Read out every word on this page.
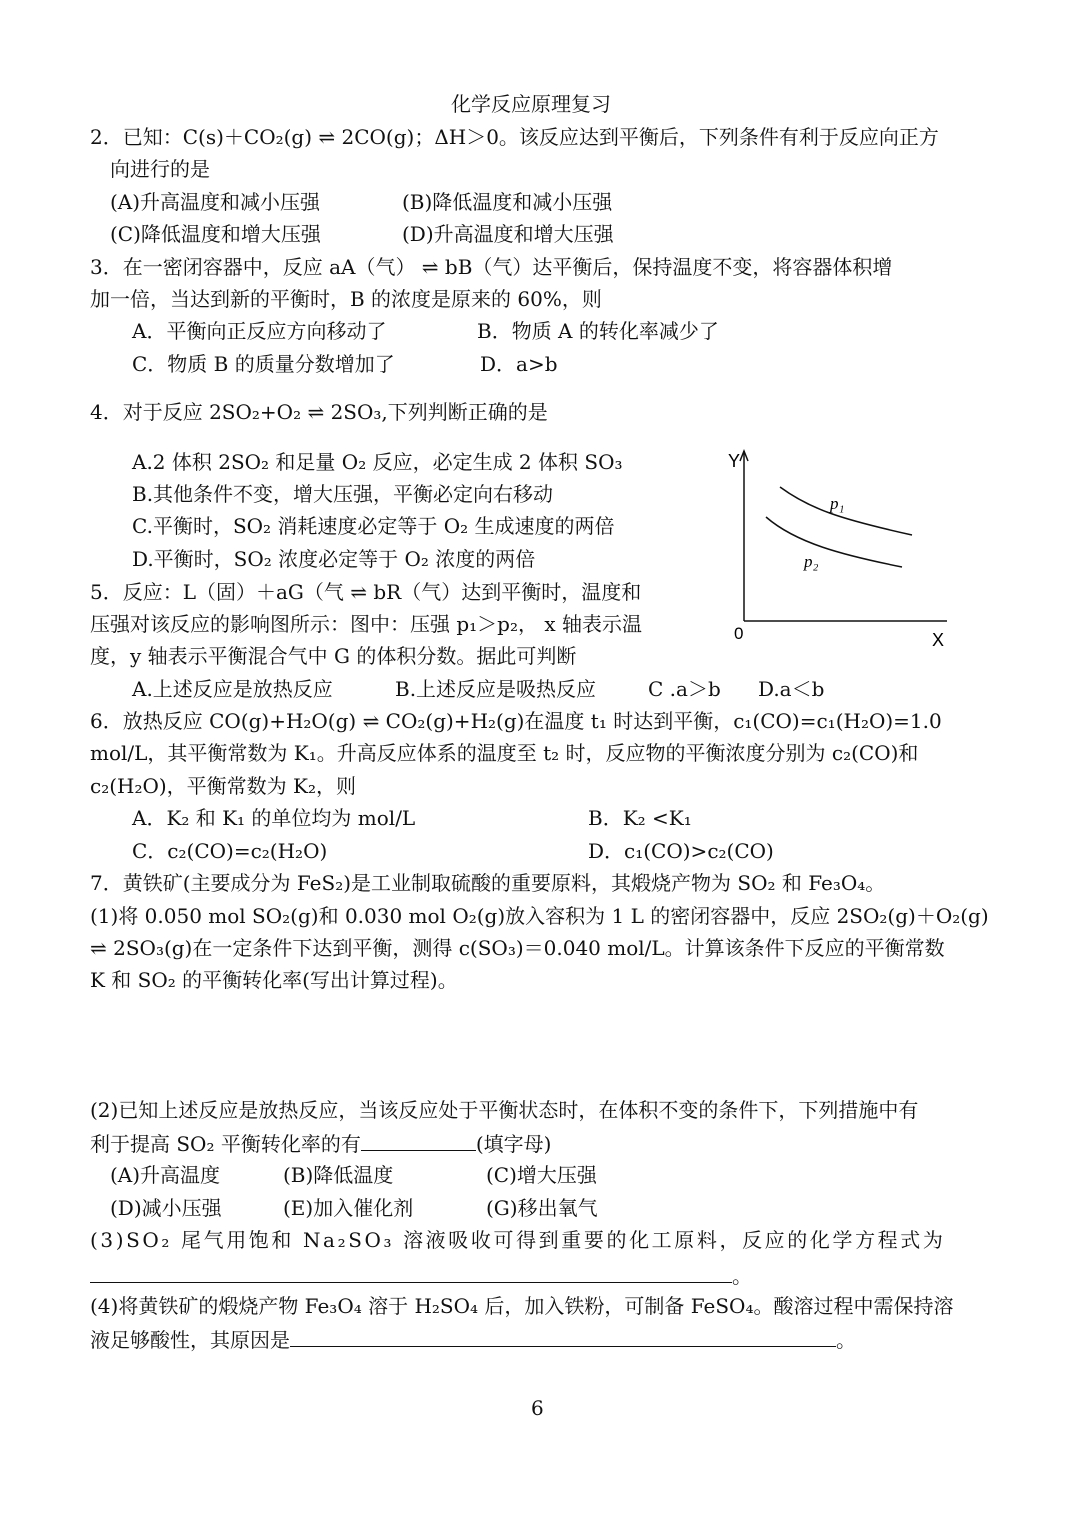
化学反应原理复习
2．已知：C(s)＋CO₂(g) ⇌ 2CO(g)；ΔH＞0。该反应达到平衡后，下列条件有利于反应向正方
向进行的是
(A)升高温度和减小压强	(B)降低温度和减小压强
(C)降低温度和增大压强	(D)升高温度和增大压强
3．在一密闭容器中，反应 aA（气） ⇌ bB（气）达平衡后，保持温度不变，将容器体积增
加一倍，当达到新的平衡时，B 的浓度是原来的 60%，则
A．平衡向正反应方向移动了	B．物质 A 的转化率减少了
C．物质 B 的质量分数增加了	D．a>b
4．对于反应 2SO₂+O₂ ⇌ 2SO₃,下列判断正确的是
A.2 体积 2SO₂ 和足量 O₂ 反应，必定生成 2 体积 SO₃
B.其他条件不变，增大压强，平衡必定向右移动
C.平衡时，SO₂ 消耗速度必定等于 O₂ 生成速度的两倍
D.平衡时，SO₂ 浓度必定等于 O₂ 浓度的两倍
5．反应：L（固）＋aG（气 ⇌ bR（气）达到平衡时，温度和
压强对该反应的影响图所示：图中：压强 p₁＞p₂， x 轴表示温
度，y 轴表示平衡混合气中 G 的体积分数。据此可判断
A.上述反应是放热反应	B.上述反应是吸热反应	C .a＞b D.a＜b
Y
X
0
p₁
p₂
6．放热反应 CO(g)+H₂O(g) ⇌ CO₂(g)+H₂(g)在温度 t₁ 时达到平衡，c₁(CO)=c₁(H₂O)=1.0
mol/L，其平衡常数为 K₁。升高反应体系的温度至 t₂ 时，反应物的平衡浓度分别为 c₂(CO)和
c₂(H₂O)，平衡常数为 K₂，则
A．K₂ 和 K₁ 的单位均为 mol/L	B．K₂ <K₁
C．c₂(CO)=c₂(H₂O)	D．c₁(CO)>c₂(CO)
7．黄铁矿(主要成分为 FeS₂)是工业制取硫酸的重要原料，其煅烧产物为 SO₂ 和 Fe₃O₄。
(1)将 0.050 mol SO₂(g)和 0.030 mol O₂(g)放入容积为 1 L 的密闭容器中，反应 2SO₂(g)＋O₂(g)
⇌ 2SO₃(g)在一定条件下达到平衡，测得 c(SO₃)＝0.040 mol/L。计算该条件下反应的平衡常数
K 和 SO₂ 的平衡转化率(写出计算过程)。
(2)已知上述反应是放热反应，当该反应处于平衡状态时，在体积不变的条件下，下列措施中有
利于提高 SO₂ 平衡转化率的有	(填字母)
(A)升高温度	(B)降低温度	(C)增大压强
(D)减小压强	(E)加入催化剂	(G)移出氧气
(3)SO₂ 尾气用饱和 Na₂SO₃ 溶液吸收可得到重要的化工原料，反应的化学方程式为
。
(4)将黄铁矿的煅烧产物 Fe₃O₄ 溶于 H₂SO₄ 后，加入铁粉，可制备 FeSO₄。酸溶过程中需保持溶
液足够酸性，其原因是	。
6
